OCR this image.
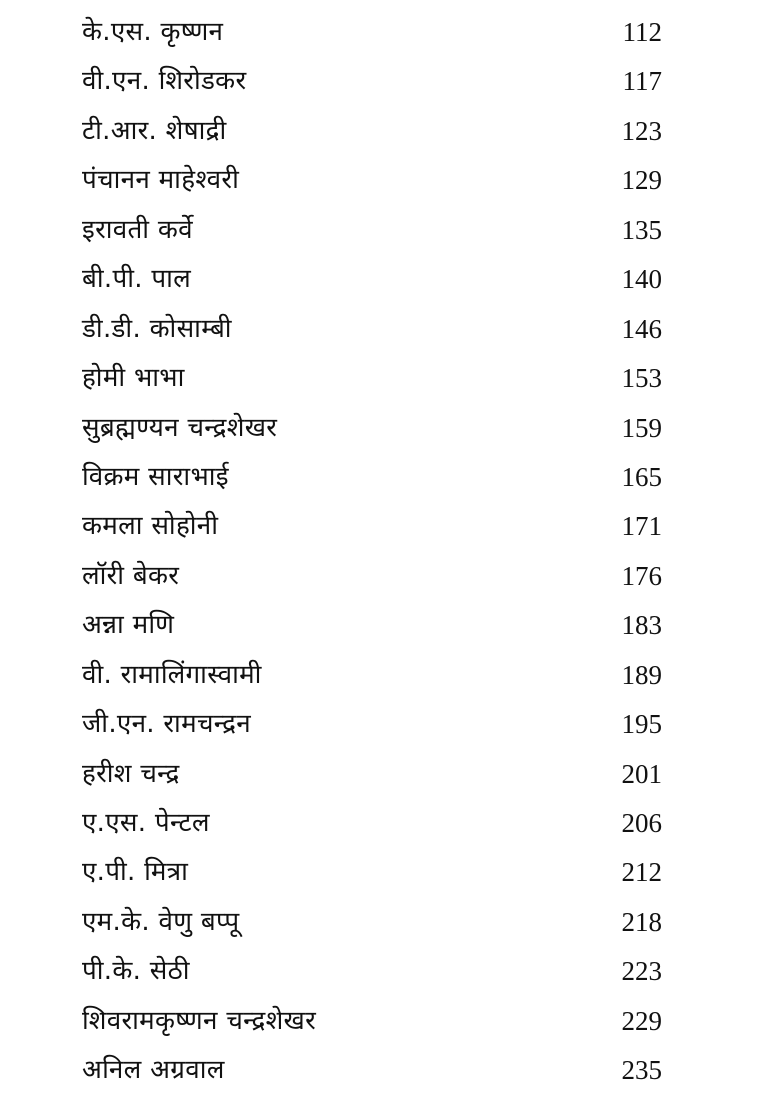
के.एस. कृष्णन	112
वी.एन. शिरोडकर	117
टी.आर. शेषाद्री	123
पंचानन माहेश्वरी	129
इरावती कर्वे	135
बी.पी. पाल	140
डी.डी. कोसाम्बी	146
होमी भाभा	153
सुब्रह्मण्यन चन्द्रशेखर	159
विक्रम साराभाई	165
कमला सोहोनी	171
लॉरी बेकर	176
अन्ना मणि	183
वी. रामालिंगास्वामी	189
जी.एन. रामचन्द्रन	195
हरीश चन्द्र	201
ए.एस. पेन्टल	206
ए.पी. मित्रा	212
एम.के. वेणु बप्पू	218
पी.के. सेठी	223
शिवरामकृष्णन चन्द्रशेखर	229
अनिल अग्रवाल	235
